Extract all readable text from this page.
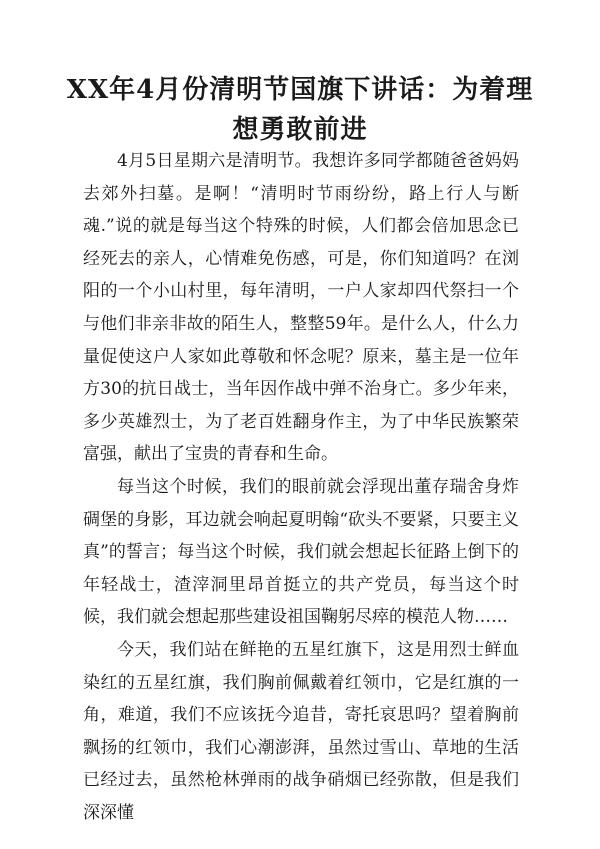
XX年4月份清明节国旗下讲话：为着理想勇敢前进

4月5日星期六是清明节。我想许多同学都随爸爸妈妈去郊外扫墓。是啊！“清明时节雨纷纷，路上行人与断魂.”说的就是每当这个特殊的时候，人们都会倍加思念已经死去的亲人，心情难免伤感，可是，你们知道吗？在浏阳的一个小山村里，每年清明，一户人家却四代祭扫一个与他们非亲非故的陌生人，整整59年。是什么人，什么力量促使这户人家如此尊敬和怀念呢？原来，墓主是一位年方30的抗日战士，当年因作战中弹不治身亡。多少年来，多少英雄烈士，为了老百姓翻身作主，为了中华民族繁荣富强，献出了宝贵的青春和生命。

每当这个时候，我们的眼前就会浮现出董存瑞舍身炸碉堡的身影，耳边就会响起夏明翰“砍头不要紧，只要主义真”的誓言；每当这个时候，我们就会想起长征路上倒下的年轻战士，渣滓洞里昂首挺立的共产党员，每当这个时候，我们就会想起那些建设祖国鞠躬尽瘁的模范人物……

今天，我们站在鲜艳的五星红旗下，这是用烈士鲜血染红的五星红旗，我们胸前佩戴着红领巾，它是红旗的一角，难道，我们不应该抚今追昔，寄托哀思吗？望着胸前飘扬的红领巾，我们心潮澎湃，虽然过雪山、草地的生活已经过去，虽然枪林弹雨的战争硝烟已经弥散，但是我们深深懂
